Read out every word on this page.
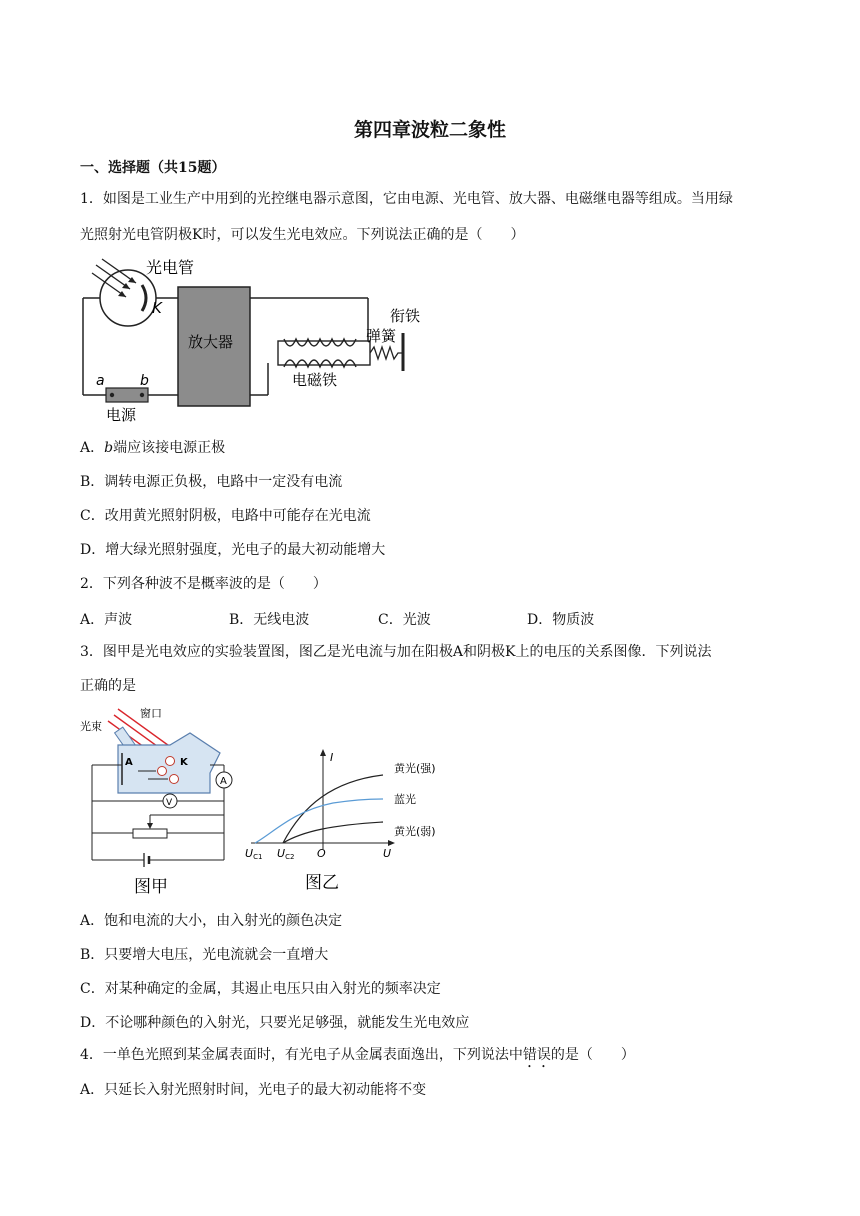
第四章波粒二象性
一、选择题（共15题）
1．如图是工业生产中用到的光控继电器示意图，它由电源、光电管、放大器、电磁继电器等组成。当用绿
光照射光电管阴极K时，可以发生光电效应。下列说法正确的是（　　）
光电管
K
放大器
电磁铁
弹簧
衔铁
a	b
电源
A．b端应该接电源正极
B．调转电源正负极，电路中一定没有电流
C．改用黄光照射阴极，电路中可能存在光电流
D．增大绿光照射强度，光电子的最大初动能增大
2．下列各种波不是概率波的是（　　）
A．声波	B．无线电波	C．光波	D．物质波
3．图甲是光电效应的实验装置图，图乙是光电流与加在阳极A和阴极K上的电压的关系图像．下列说法
正确的是
窗口
光束
A	K
A
V
图甲
I
U
O
UC1 UC2
黄光(强)
蓝光
黄光(弱)
图乙
A．饱和电流的大小，由入射光的颜色决定
B．只要增大电压，光电流就会一直增大
C．对某种确定的金属，其遏止电压只由入射光的频率决定
D．不论哪种颜色的入射光，只要光足够强，就能发生光电效应
4．一单色光照到某金属表面时，有光电子从金属表面逸出，下列说法中错误的是（　　）
A．只延长入射光照射时间，光电子的最大初动能将不变
